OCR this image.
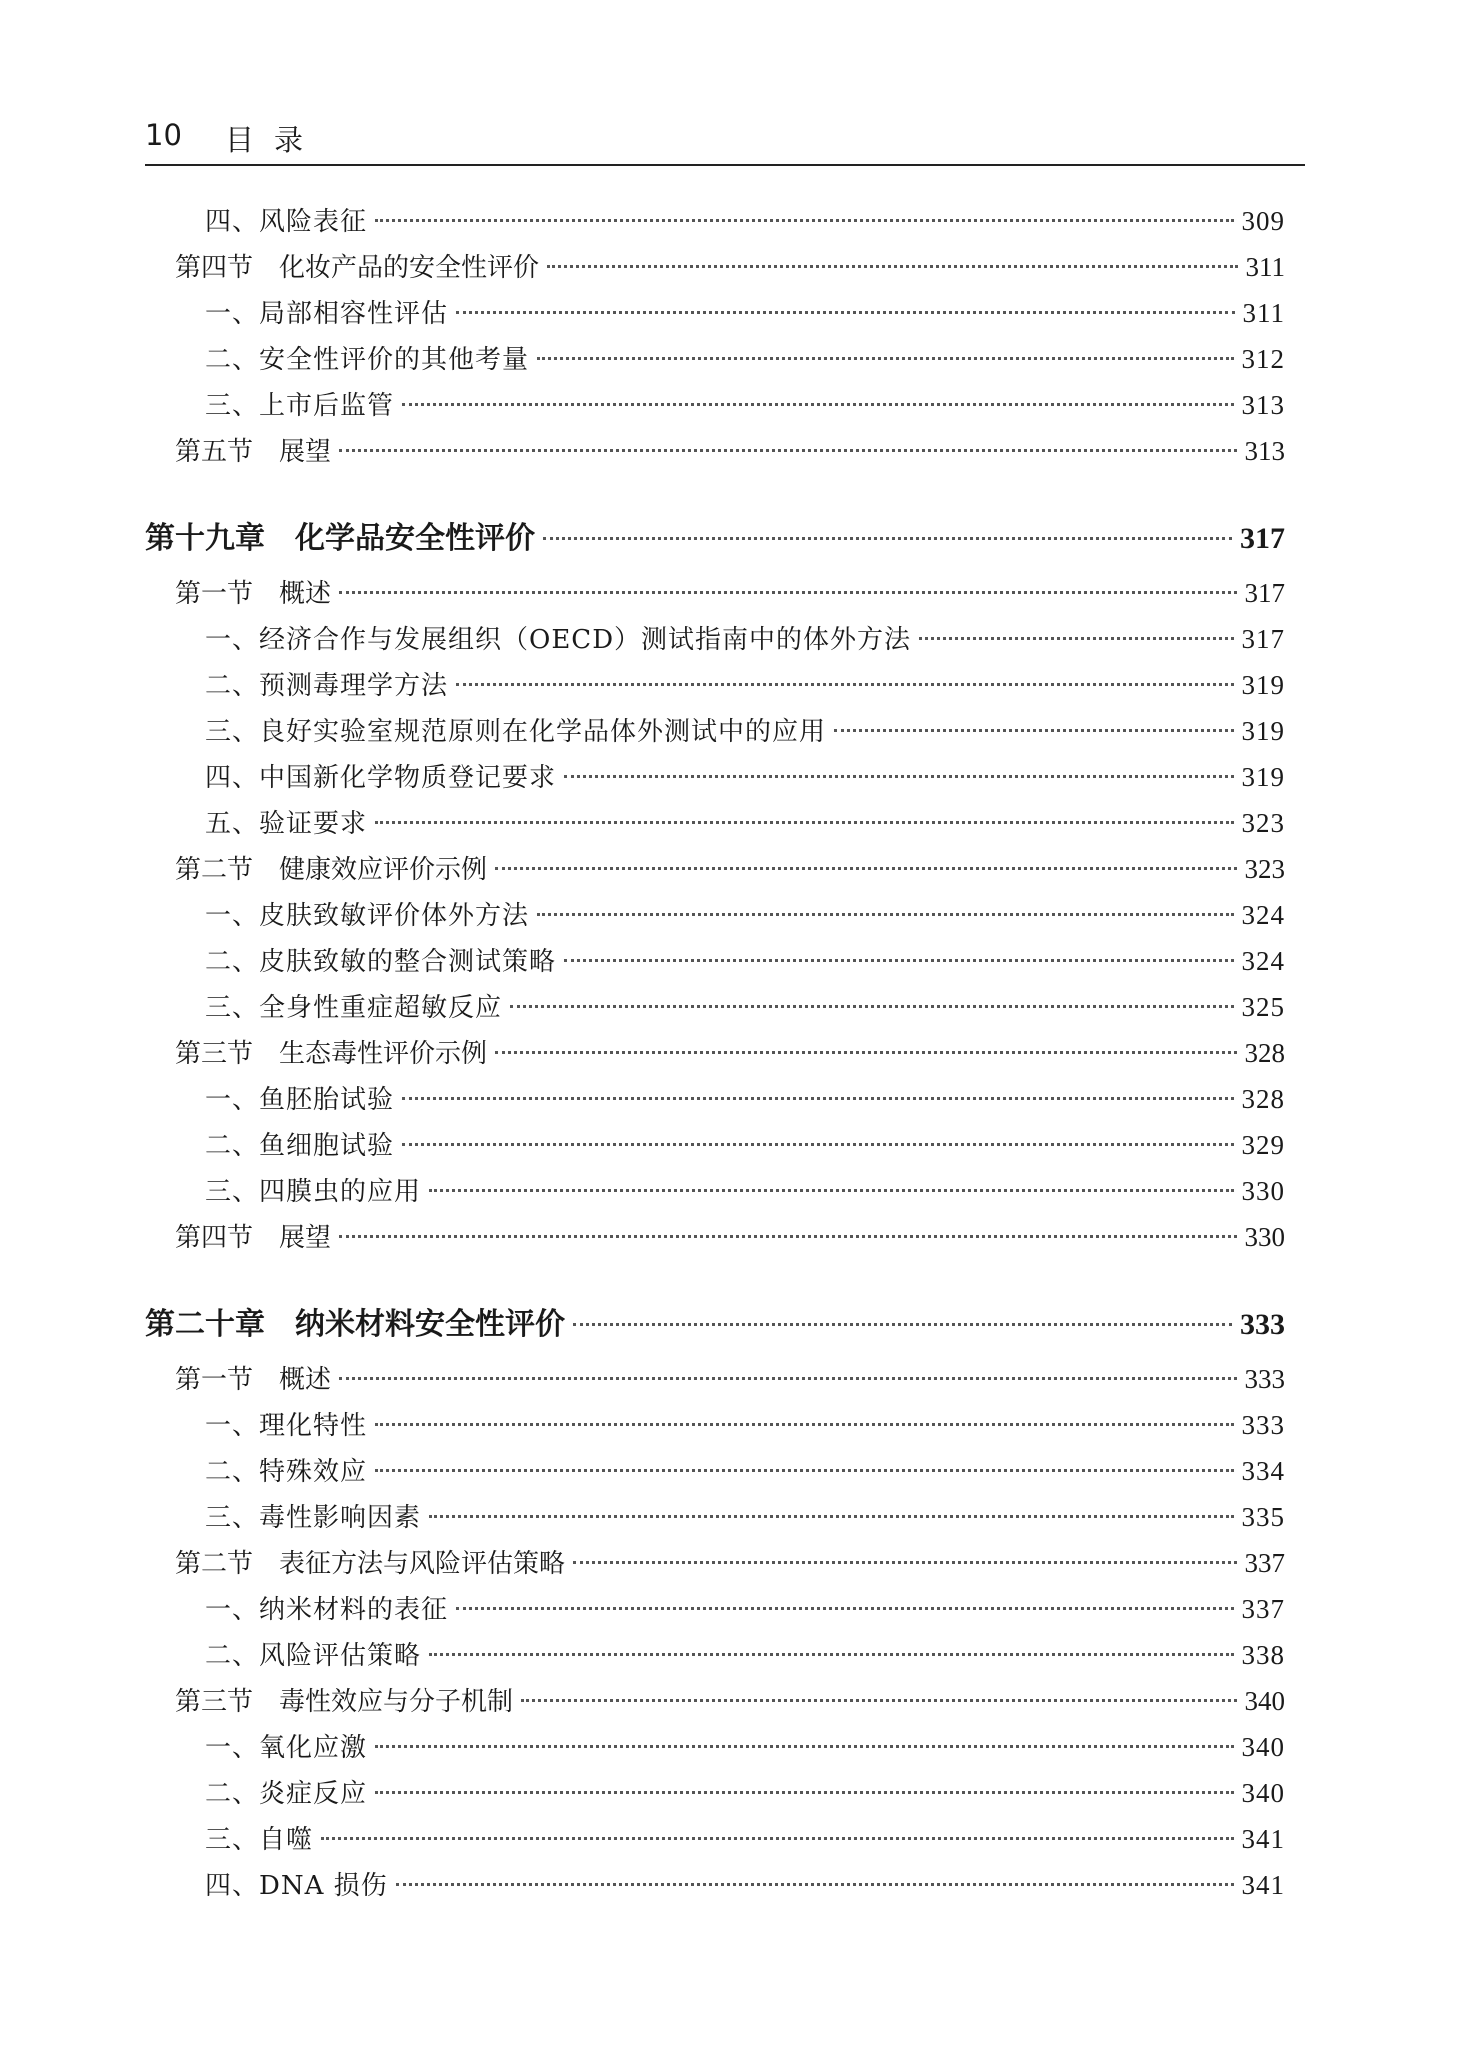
10 目录
四、风险表征	309
第四节 化妆产品的安全性评价	311
一、局部相容性评估	311
二、安全性评价的其他考量	312
三、上市后监管	313
第五节 展望	313
第十九章 化学品安全性评价	317
第一节 概述	317
一、经济合作与发展组织（OECD）测试指南中的体外方法	317
二、预测毒理学方法	319
三、良好实验室规范原则在化学品体外测试中的应用	319
四、中国新化学物质登记要求	319
五、验证要求	323
第二节 健康效应评价示例	323
一、皮肤致敏评价体外方法	324
二、皮肤致敏的整合测试策略	324
三、全身性重症超敏反应	325
第三节 生态毒性评价示例	328
一、鱼胚胎试验	328
二、鱼细胞试验	329
三、四膜虫的应用	330
第四节 展望	330
第二十章 纳米材料安全性评价	333
第一节 概述	333
一、理化特性	333
二、特殊效应	334
三、毒性影响因素	335
第二节 表征方法与风险评估策略	337
一、纳米材料的表征	337
二、风险评估策略	338
第三节 毒性效应与分子机制	340
一、氧化应激	340
二、炎症反应	340
三、自噬	341
四、DNA 损伤	341
